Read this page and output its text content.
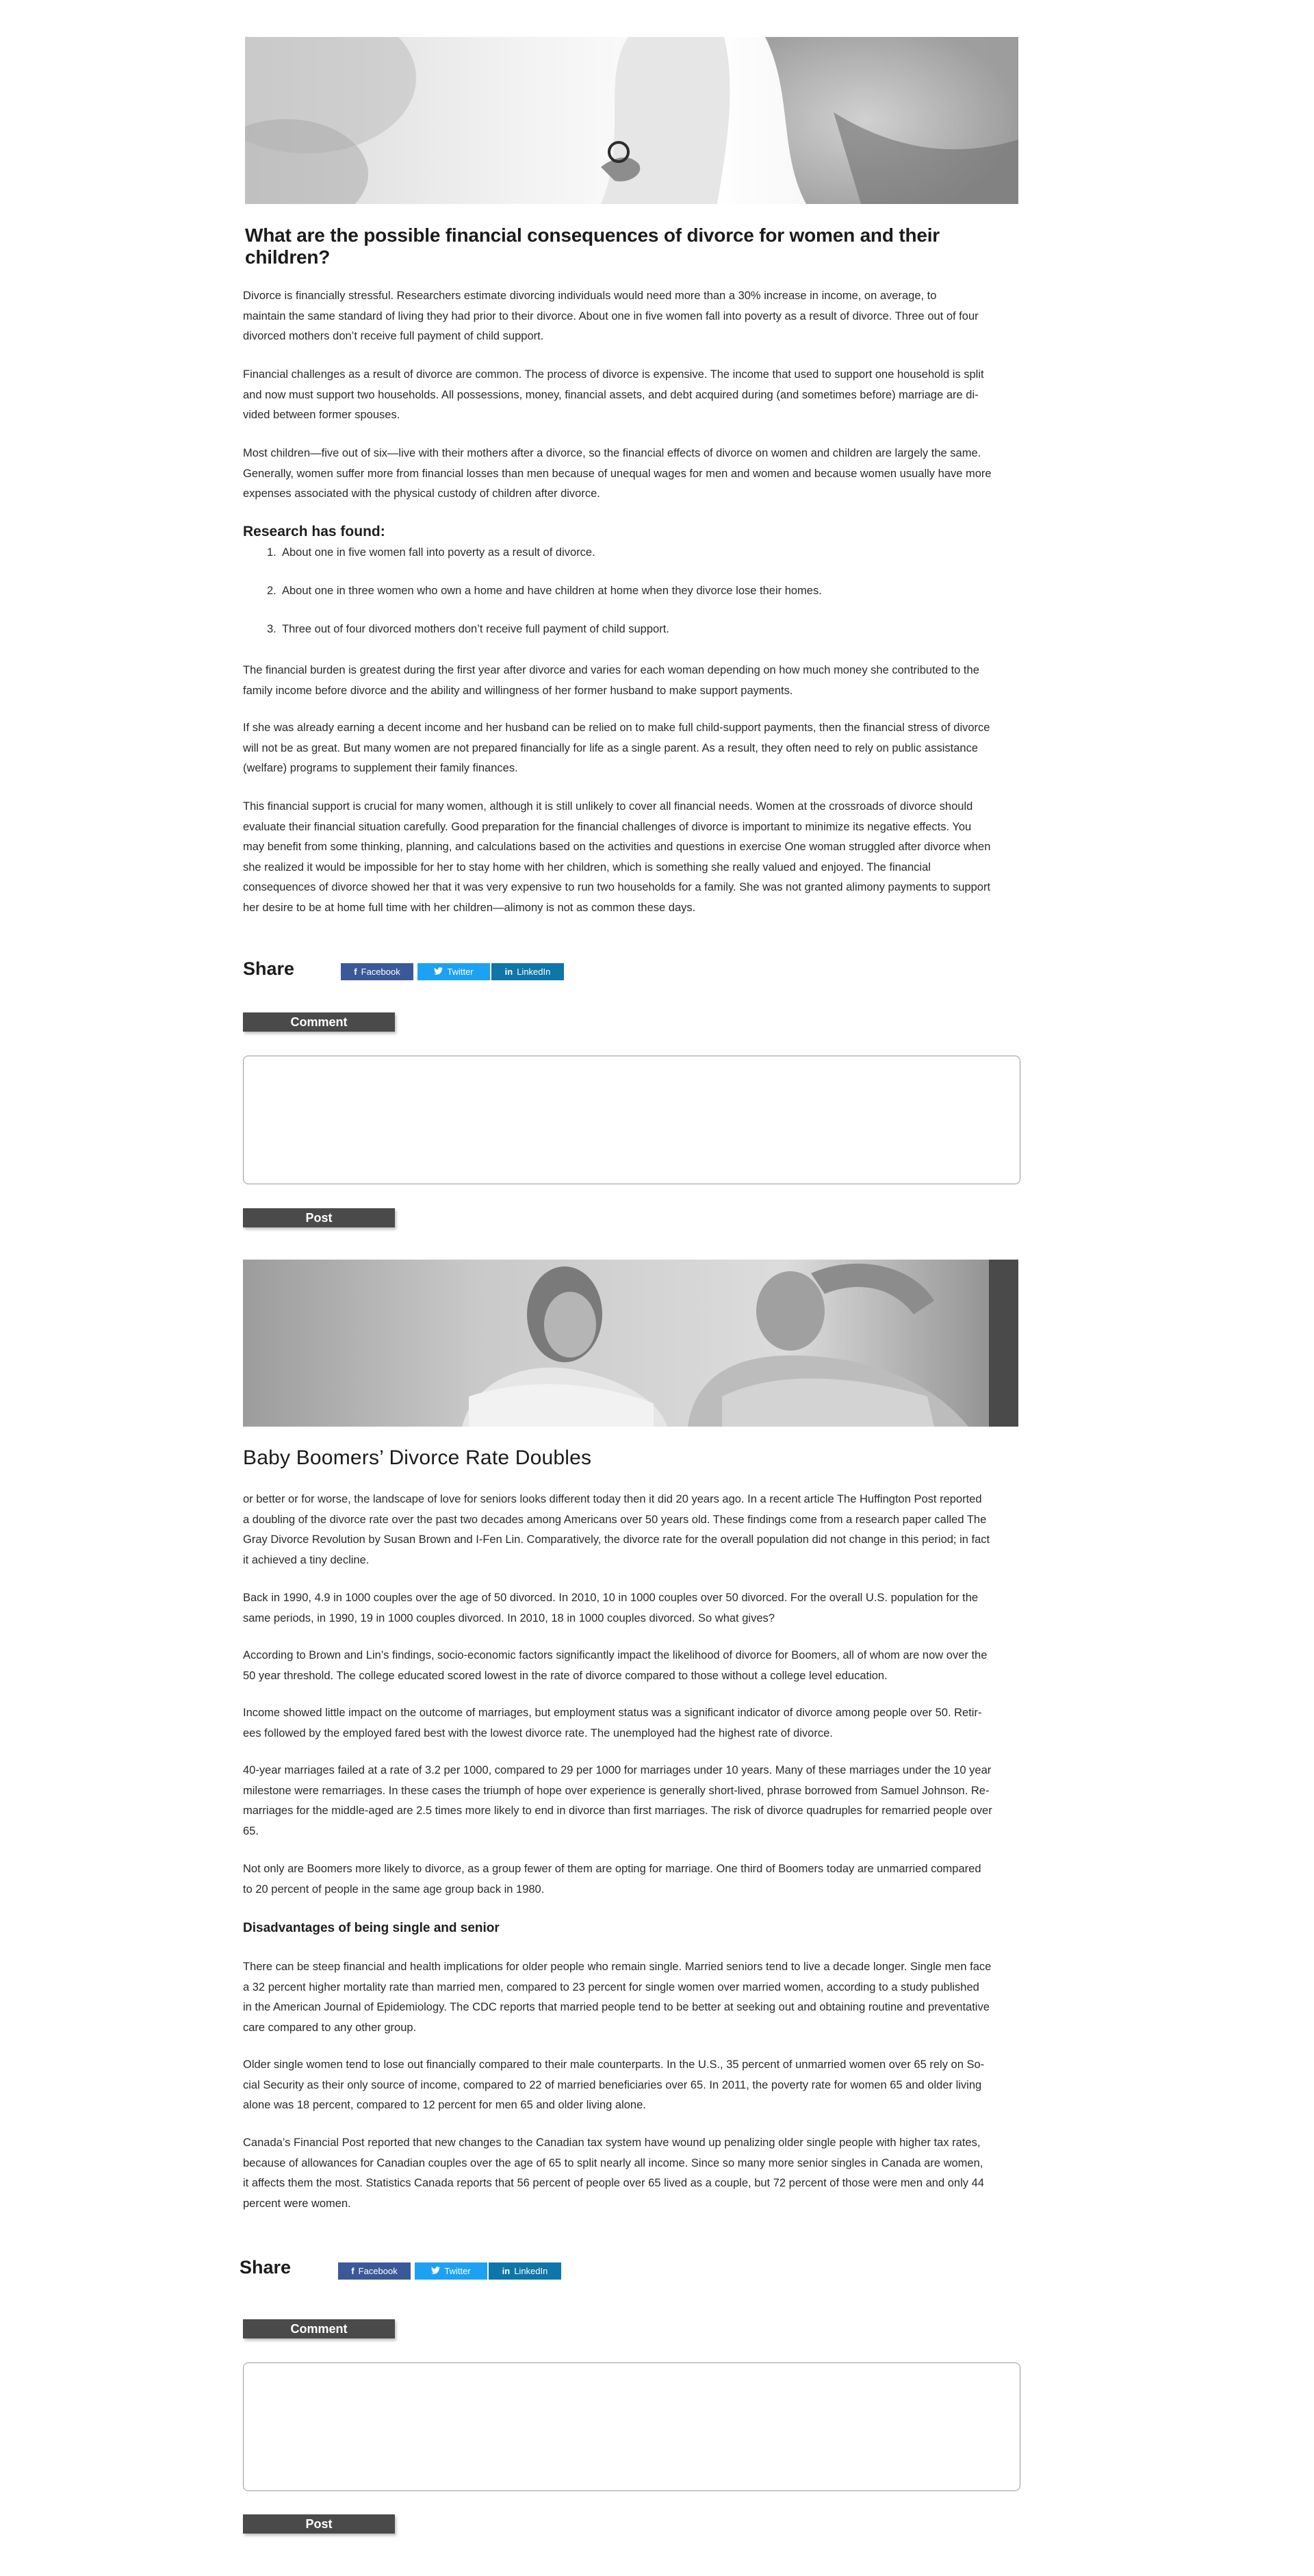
What are the possible financial consequences of divorce for women and their children?
Divorce is financially stressful. Researchers estimate divorcing individuals would need more than a 30% increase in income, on average, to
maintain the same standard of living they had prior to their divorce. About one in five women fall into poverty as a result of divorce. Three out of four
divorced mothers don’t receive full payment of child support.
Financial challenges as a result of divorce are common. The process of divorce is expensive. The income that used to support one household is split
and now must support two households. All possessions, money, financial assets, and debt acquired during (and sometimes before) marriage are di-
vided between former spouses.
Most children—five out of six—live with their mothers after a divorce, so the financial effects of divorce on women and children are largely the same.
Generally, women suffer more from financial losses than men because of unequal wages for men and women and because women usually have more
expenses associated with the physical custody of children after divorce.
Research has found:
1. About one in five women fall into poverty as a result of divorce.
2. About one in three women who own a home and have children at home when they divorce lose their homes.
3. Three out of four divorced mothers don’t receive full payment of child support.
The financial burden is greatest during the first year after divorce and varies for each woman depending on how much money she contributed to the
family income before divorce and the ability and willingness of her former husband to make support payments.
If she was already earning a decent income and her husband can be relied on to make full child-support payments, then the financial stress of divorce
will not be as great. But many women are not prepared financially for life as a single parent. As a result, they often need to rely on public assistance
(welfare) programs to supplement their family finances.
This financial support is crucial for many women, although it is still unlikely to cover all financial needs. Women at the crossroads of divorce should
evaluate their financial situation carefully. Good preparation for the financial challenges of divorce is important to minimize its negative effects. You
may benefit from some thinking, planning, and calculations based on the activities and questions in exercise One woman struggled after divorce when
she realized it would be impossible for her to stay home with her children, which is something she really valued and enjoyed. The financial
consequences of divorce showed her that it was very expensive to run two households for a family. She was not granted alimony payments to support
her desire to be at home full time with her children—alimony is not as common these days.
Share	f Facebook	Twitter	in LinkedIn
Comment
Post
Baby Boomers’ Divorce Rate Doubles
or better or for worse, the landscape of love for seniors looks different today then it did 20 years ago. In a recent article The Huffington Post reported
a doubling of the divorce rate over the past two decades among Americans over 50 years old. These findings come from a research paper called The
Gray Divorce Revolution by Susan Brown and I-Fen Lin. Comparatively, the divorce rate for the overall population did not change in this period; in fact
it achieved a tiny decline.
Back in 1990, 4.9 in 1000 couples over the age of 50 divorced. In 2010, 10 in 1000 couples over 50 divorced. For the overall U.S. population for the
same periods, in 1990, 19 in 1000 couples divorced. In 2010, 18 in 1000 couples divorced. So what gives?
According to Brown and Lin’s findings, socio-economic factors significantly impact the likelihood of divorce for Boomers, all of whom are now over the
50 year threshold. The college educated scored lowest in the rate of divorce compared to those without a college level education.
Income showed little impact on the outcome of marriages, but employment status was a significant indicator of divorce among people over 50. Retir-
ees followed by the employed fared best with the lowest divorce rate. The unemployed had the highest rate of divorce.
40-year marriages failed at a rate of 3.2 per 1000, compared to 29 per 1000 for marriages under 10 years. Many of these marriages under the 10 year
milestone were remarriages. In these cases the triumph of hope over experience is generally short-lived, phrase borrowed from Samuel Johnson. Re-
marriages for the middle-aged are 2.5 times more likely to end in divorce than first marriages. The risk of divorce quadruples for remarried people over
65.
Not only are Boomers more likely to divorce, as a group fewer of them are opting for marriage. One third of Boomers today are unmarried compared
to 20 percent of people in the same age group back in 1980.
Disadvantages of being single and senior
There can be steep financial and health implications for older people who remain single. Married seniors tend to live a decade longer. Single men face
a 32 percent higher mortality rate than married men, compared to 23 percent for single women over married women, according to a study published
in the American Journal of Epidemiology. The CDC reports that married people tend to be better at seeking out and obtaining routine and preventative
care compared to any other group.
Older single women tend to lose out financially compared to their male counterparts. In the U.S., 35 percent of unmarried women over 65 rely on So-
cial Security as their only source of income, compared to 22 of married beneficiaries over 65. In 2011, the poverty rate for women 65 and older living
alone was 18 percent, compared to 12 percent for men 65 and older living alone.
Canada’s Financial Post reported that new changes to the Canadian tax system have wound up penalizing older single people with higher tax rates,
because of allowances for Canadian couples over the age of 65 to split nearly all income. Since so many more senior singles in Canada are women,
it affects them the most. Statistics Canada reports that 56 percent of people over 65 lived as a couple, but 72 percent of those were men and only 44
percent were women.
Share	f Facebook	Twitter	in LinkedIn
Comment
Post
